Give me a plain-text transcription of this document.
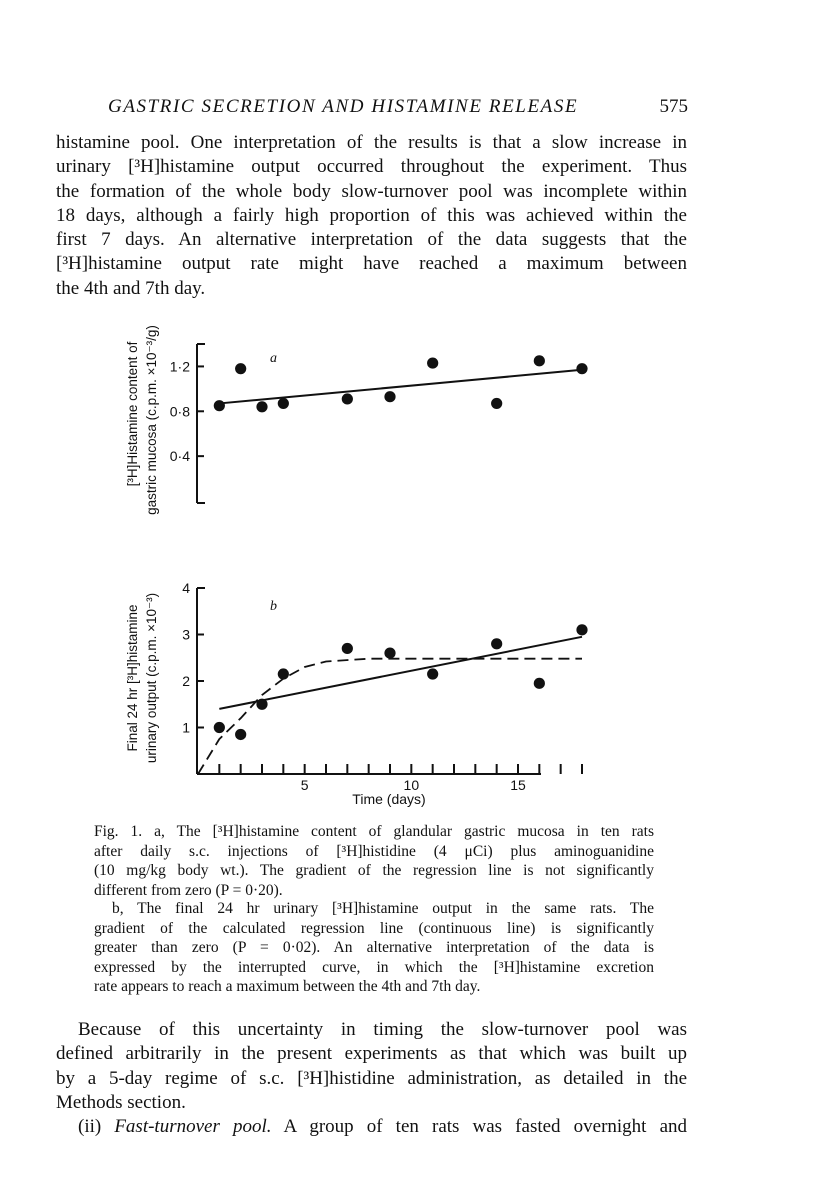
GASTRIC SECRETION AND HISTAMINE RELEASE	575
histamine pool. One interpretation of the results is that a slow increase in
urinary [³H]histamine output occurred throughout the experiment. Thus
the formation of the whole body slow-turnover pool was incomplete within
18 days, although a fairly high proportion of this was achieved within the
first 7 days. An alternative interpretation of the data suggests that the
[³H]histamine output rate might have reached a maximum between
the 4th and 7th day.
0·4
0·8
1·2	a
[³H]Histamine content of gastric mucosa (c.p.m. ×10⁻³/g)
1
2
3
4
5	10	15
b
Final 24 hr [³H]histamine urinary output (c.p.m. ×10⁻³)
Time (days)
Fig. 1. a, The [³H]histamine content of glandular gastric mucosa in ten rats
after daily s.c. injections of [³H]histidine (4 μCi) plus aminoguanidine
(10 mg/kg body wt.). The gradient of the regression line is not significantly
different from zero (P = 0·20).
b, The final 24 hr urinary [³H]histamine output in the same rats. The
gradient of the calculated regression line (continuous line) is significantly
greater than zero (P = 0·02). An alternative interpretation of the data is
expressed by the interrupted curve, in which the [³H]histamine excretion
rate appears to reach a maximum between the 4th and 7th day.
Because of this uncertainty in timing the slow-turnover pool was
defined arbitrarily in the present experiments as that which was built up
by a 5-day regime of s.c. [³H]histidine administration, as detailed in the
Methods section.
(ii) Fast-turnover pool. A group of ten rats was fasted overnight and
